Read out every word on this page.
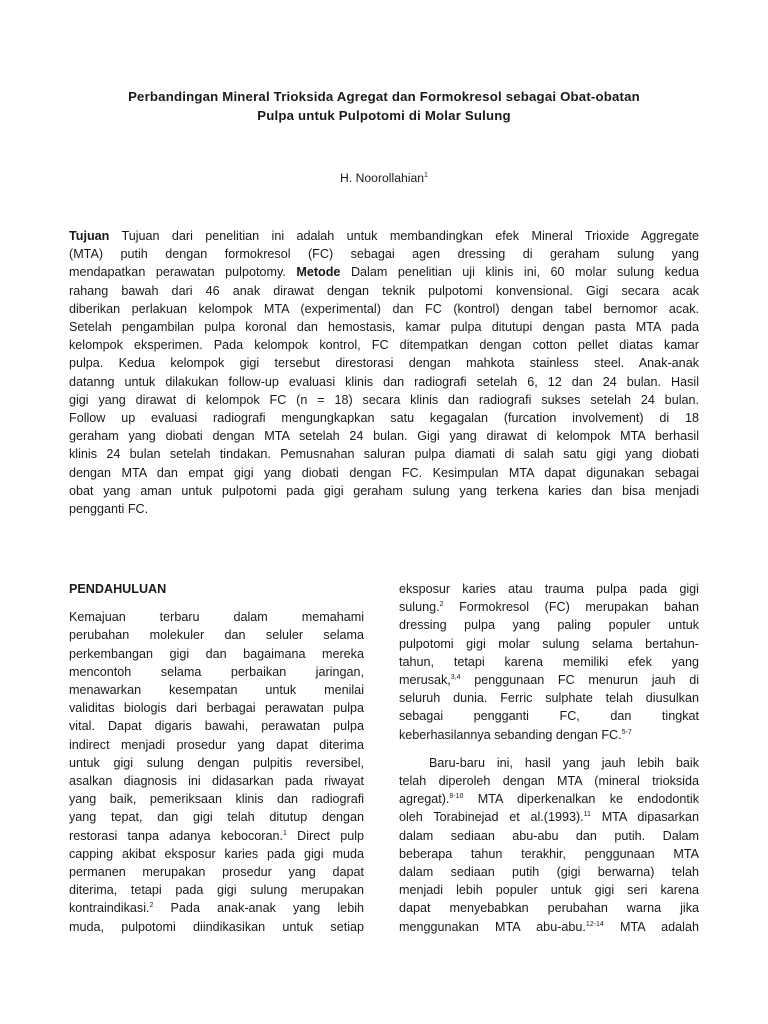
Perbandingan Mineral Trioksida Agregat dan Formokresol sebagai Obat-obatan
Pulpa untuk Pulpotomi di Molar Sulung
H. Noorollahian$^1$
Tujuan Tujuan dari penelitian ini adalah untuk membandingkan efek Mineral Trioxide Aggregate
(MTA) putih dengan formokresol (FC) sebagai agen dressing di geraham sulung yang
mendapatkan perawatan pulpotomy. Metode Dalam penelitian uji klinis ini, 60 molar sulung kedua
rahang bawah dari 46 anak dirawat dengan teknik pulpotomi konvensional. Gigi secara acak
diberikan perlakuan kelompok MTA (experimental) dan FC (kontrol) dengan tabel bernomor acak.
Setelah pengambilan pulpa koronal dan hemostasis, kamar pulpa ditutupi dengan pasta MTA pada
kelompok eksperimen. Pada kelompok kontrol, FC ditempatkan dengan cotton pellet diatas kamar
pulpa. Kedua kelompok gigi tersebut direstorasi dengan mahkota stainless steel. Anak-anak
datanng untuk dilakukan follow-up evaluasi klinis dan radiografi setelah 6, 12 dan 24 bulan. Hasil
gigi yang dirawat di kelompok FC (n = 18) secara klinis dan radiografi sukses setelah 24 bulan.
Follow up evaluasi radiografi mengungkapkan satu kegagalan (furcation involvement) di 18
geraham yang diobati dengan MTA setelah 24 bulan. Gigi yang dirawat di kelompok MTA berhasil
klinis 24 bulan setelah tindakan. Pemusnahan saluran pulpa diamati di salah satu gigi yang diobati
dengan MTA dan empat gigi yang diobati dengan FC. Kesimpulan MTA dapat digunakan sebagai
obat yang aman untuk pulpotomi pada gigi geraham sulung yang terkena karies dan bisa menjadi
pengganti FC.
PENDAHULUAN
Kemajuan terbaru dalam memahami
perubahan molekuler dan seluler selama
perkembangan gigi dan bagaimana mereka
mencontoh selama perbaikan jaringan,
menawarkan kesempatan untuk menilai
validitas biologis dari berbagai perawatan pulpa
vital. Dapat digaris bawahi, perawatan pulpa
indirect menjadi prosedur yang dapat diterima
untuk gigi sulung dengan pulpitis reversibel,
asalkan diagnosis ini didasarkan pada riwayat
yang baik, pemeriksaan klinis dan radiografi
yang tepat, dan gigi telah ditutup dengan
restorasi tanpa adanya kebocoran.$^1$ Direct pulp
capping akibat eksposur karies pada gigi muda
permanen merupakan prosedur yang dapat
diterima, tetapi pada gigi sulung merupakan
kontraindikasi.$^2$ Pada anak-anak yang lebih
muda, pulpotomi diindikasikan untuk setiap
eksposur karies atau trauma pulpa pada gigi
sulung.$^2$ Formokresol (FC) merupakan bahan
dressing pulpa yang paling populer untuk
pulpotomi gigi molar sulung selama bertahun-
tahun, tetapi karena memiliki efek yang
merusak,$^{3,4}$ penggunaan FC menurun jauh di
seluruh dunia. Ferric sulphate telah diusulkan
sebagai pengganti FC, dan tingkat
keberhasilannya sebanding dengan FC.$^{5-7}$
Baru-baru ini, hasil yang jauh lebih baik
telah diperoleh dengan MTA (mineral trioksida
agregat).$^{8-10}$ MTA diperkenalkan ke endodontik
oleh Torabinejad et al.(1993).$^{11}$ MTA dipasarkan
dalam sediaan abu-abu dan putih. Dalam
beberapa tahun terakhir, penggunaan MTA
dalam sediaan putih (gigi berwarna) telah
menjadi lebih populer untuk gigi seri karena
dapat menyebabkan perubahan warna jika
menggunakan MTA abu-abu.$^{12-14}$ MTA adalah
